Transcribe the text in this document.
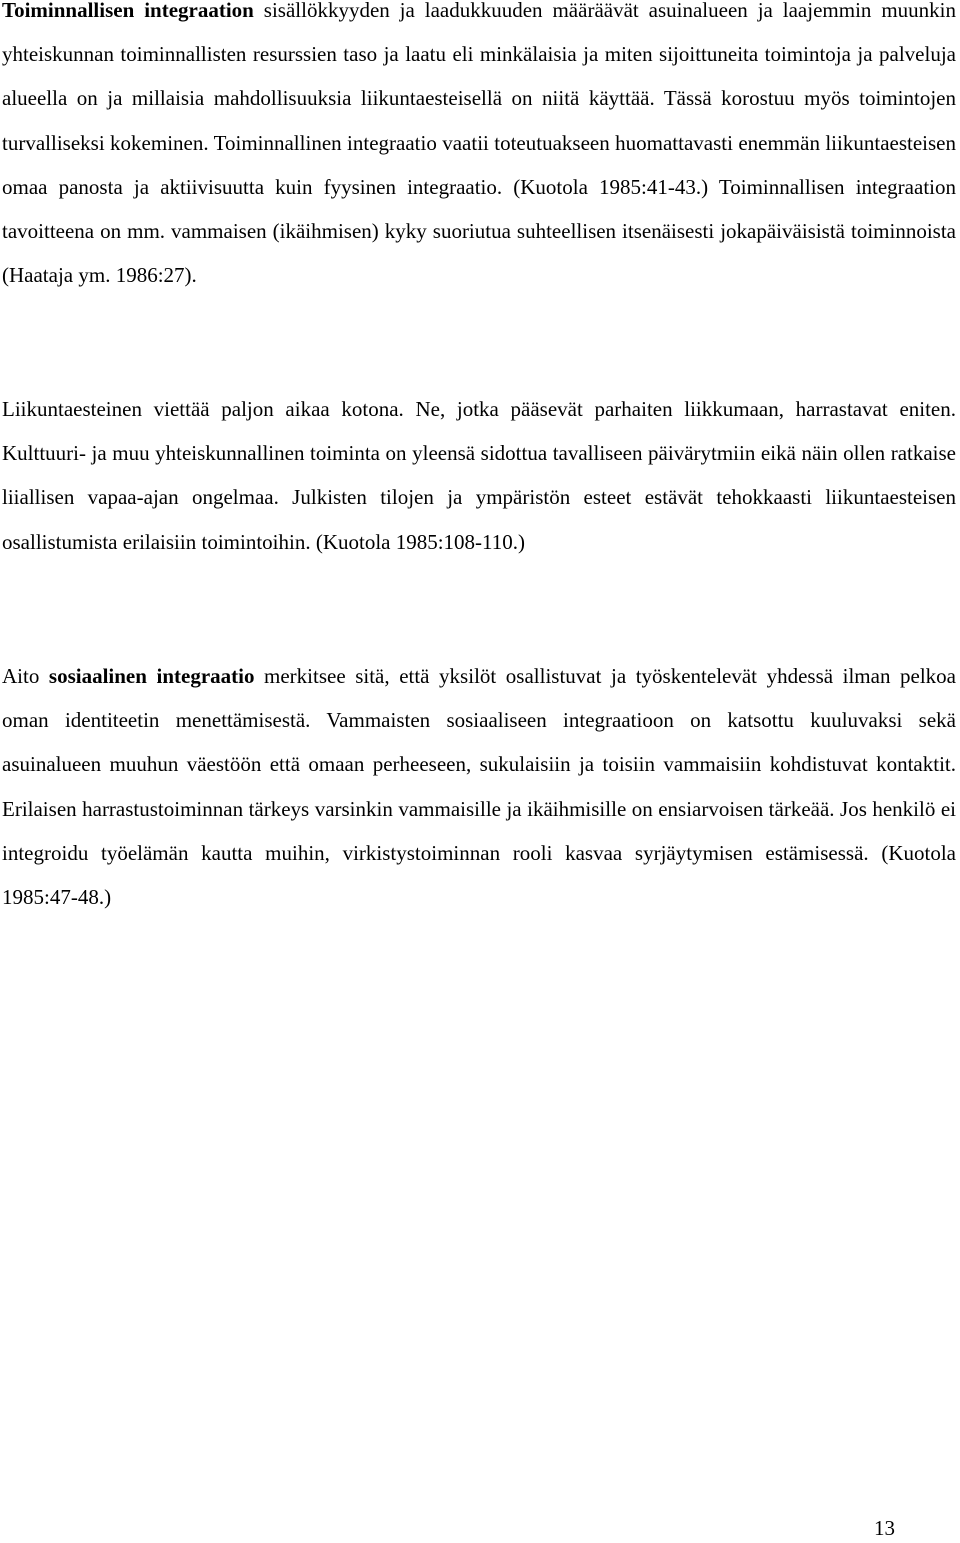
Toiminnallisen integraation sisällökkyyden ja laadukkuuden määräävät asuinalueen ja laajemmin muunkin yhteiskunnan toiminnallisten resurssien taso ja laatu eli minkälaisia ja miten sijoittuneita toimintoja ja palveluja alueella on ja millaisia mahdollisuuksia liikuntaesteisellä on niitä käyttää. Tässä korostuu myös toimintojen turvalliseksi kokeminen. Toiminnallinen integraatio vaatii toteutuakseen huomattavasti enemmän liikuntaesteisen omaa panosta ja aktiivisuutta kuin fyysinen integraatio. (Kuotola 1985:41-43.) Toiminnallisen integraation tavoitteena on mm. vammaisen (ikäihmisen) kyky suoriutua suhteellisen itsenäisesti jokapäiväisistä toiminnoista (Haataja ym. 1986:27).

Liikuntaesteinen viettää paljon aikaa kotona. Ne, jotka pääsevät parhaiten liikkumaan, harrastavat eniten. Kulttuuri- ja muu yhteiskunnallinen toiminta on yleensä sidottua tavalliseen päivärytmiin eikä näin ollen ratkaise liiallisen vapaa-ajan ongelmaa. Julkisten tilojen ja ympäristön esteet estävät tehokkaasti liikuntaesteisen osallistumista erilaisiin toimintoihin. (Kuotola 1985:108-110.)

Aito sosiaalinen integraatio merkitsee sitä, että yksilöt osallistuvat ja työskentelevät yhdessä ilman pelkoa oman identiteetin menettämisestä. Vammaisten sosiaaliseen integraatioon on katsottu kuuluvaksi sekä asuinalueen muuhun väestöön että omaan perheeseen, sukulaisiin ja toisiin vammaisiin kohdistuvat kontaktit. Erilaisen harrastustoiminnan tärkeys varsinkin vammaisille ja ikäihmisille on ensiarvoisen tärkeää. Jos henkilö ei integroidu työelämän kautta muihin, virkistystoiminnan rooli kasvaa syrjäytymisen estämisessä. (Kuotola 1985:47-48.)

13
